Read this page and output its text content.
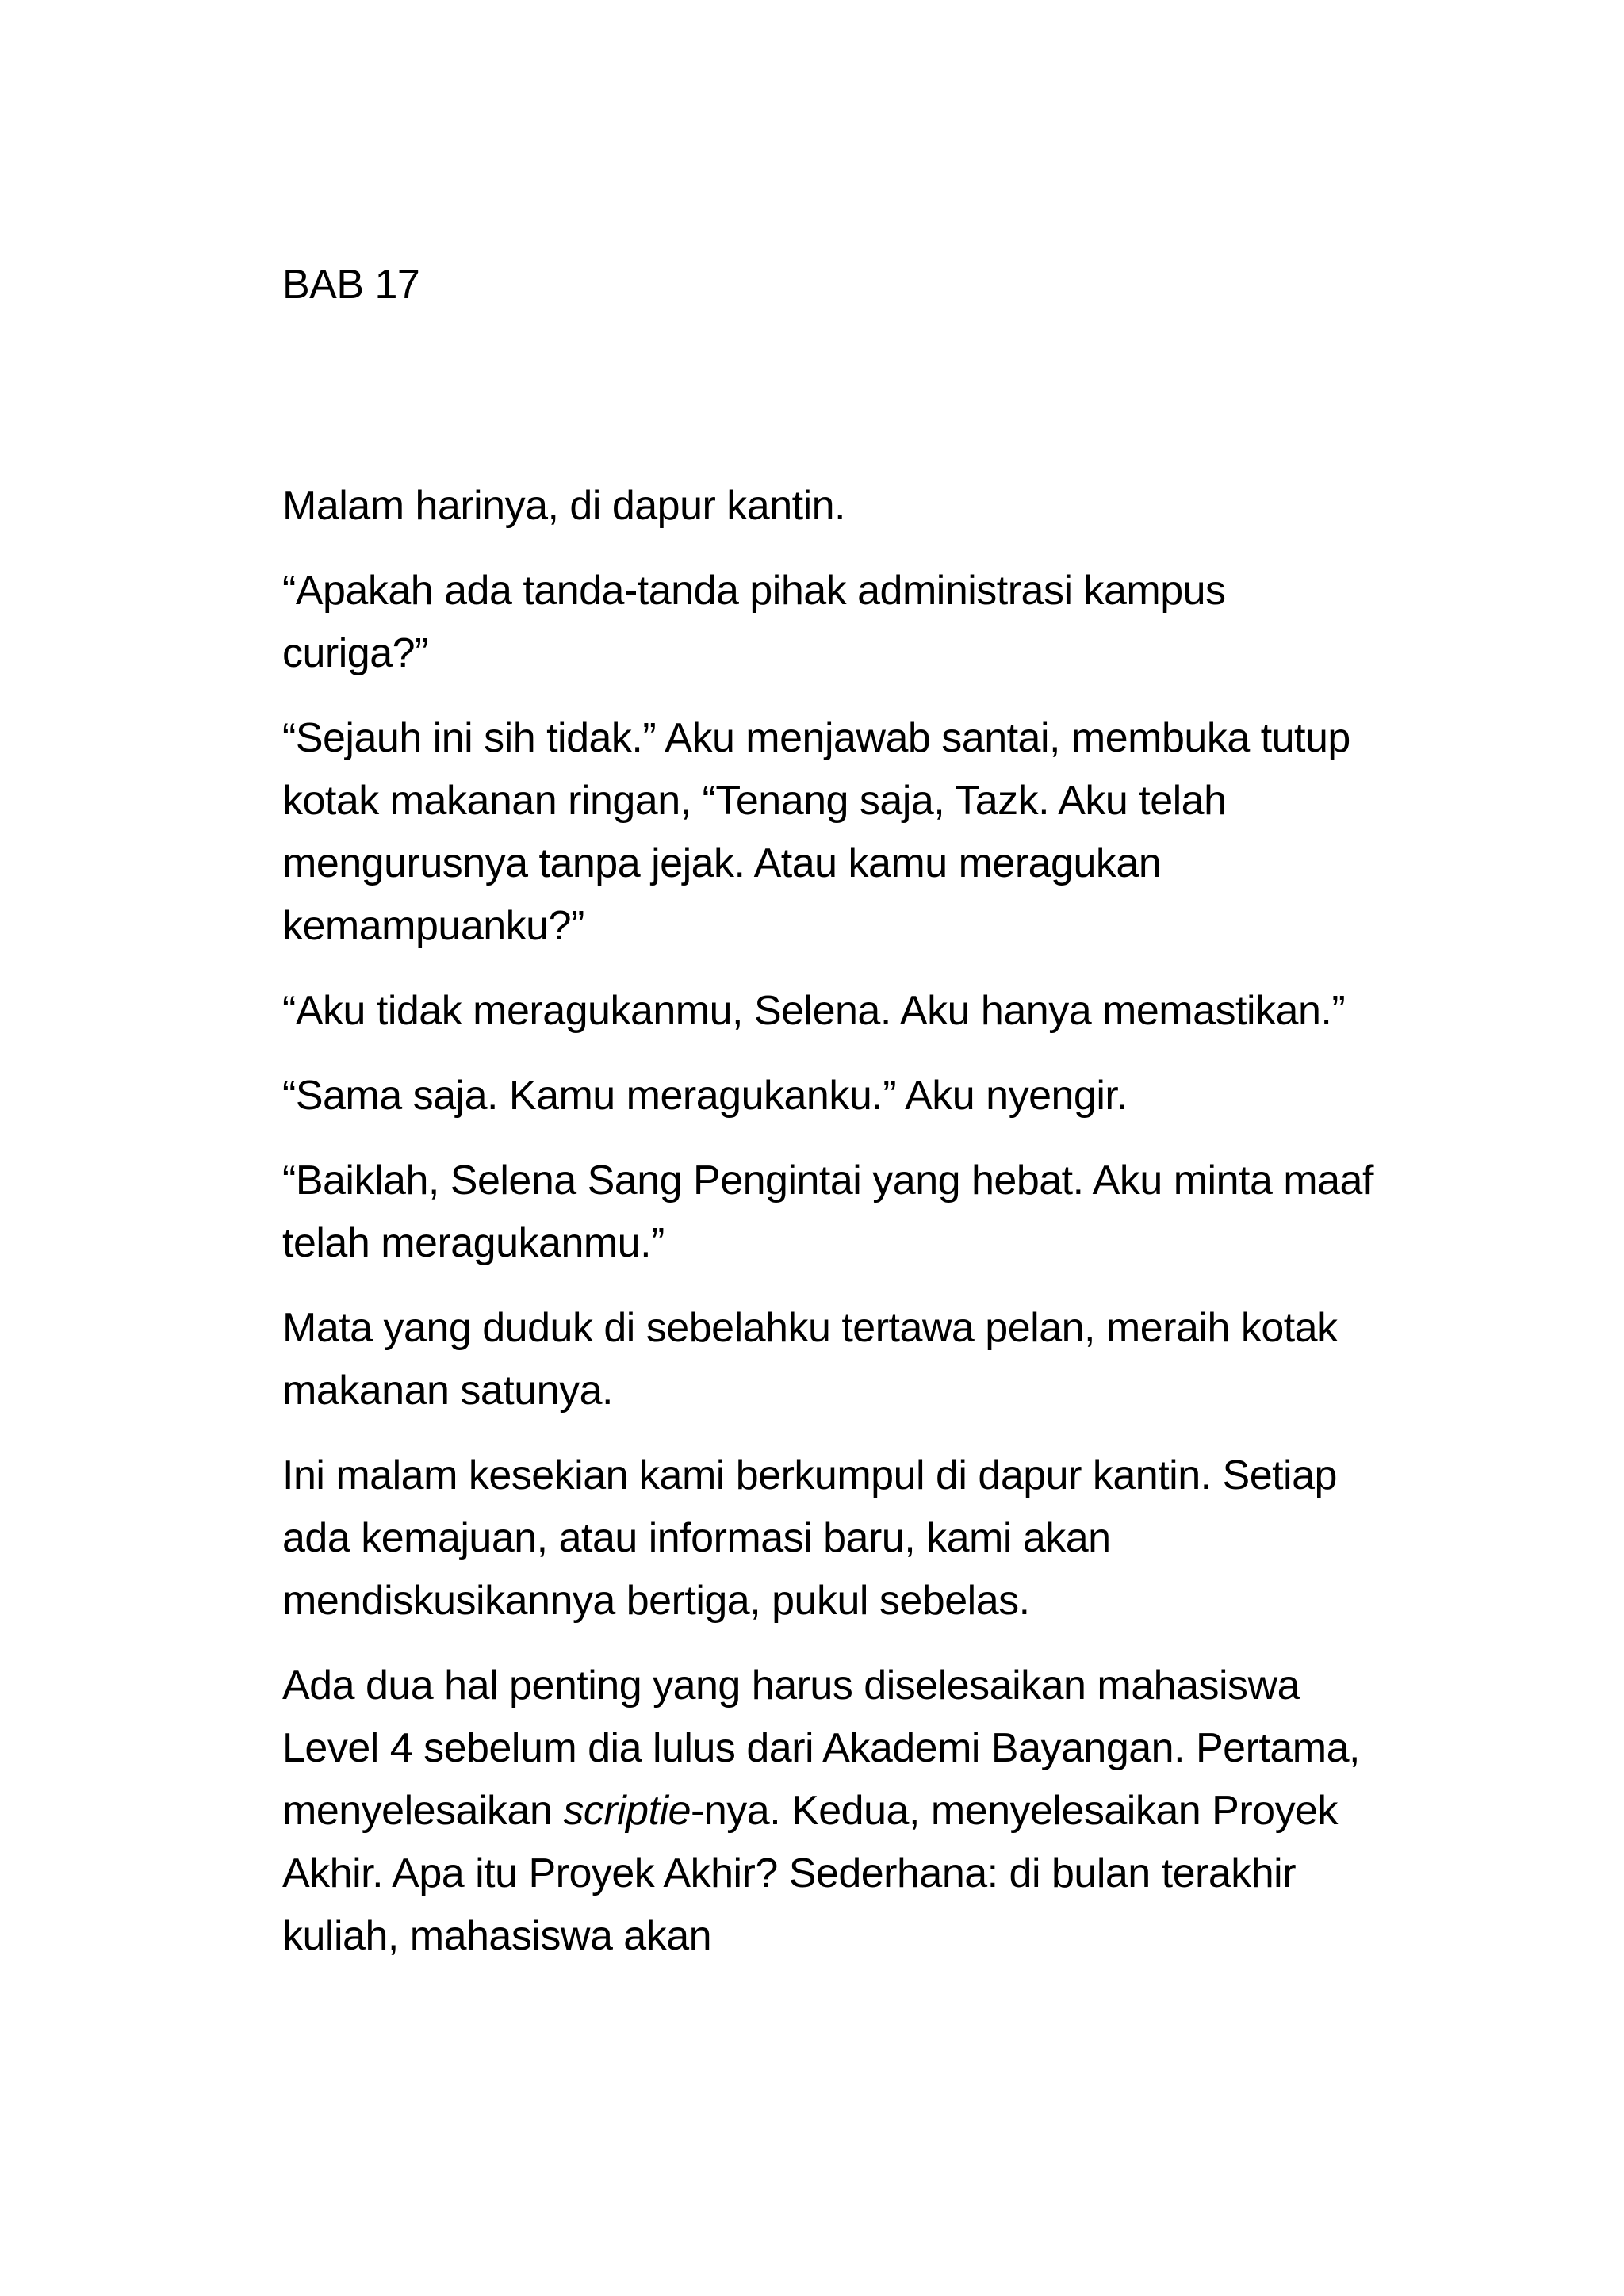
BAB 17

Malam harinya, di dapur kantin.

“Apakah ada tanda-tanda pihak administrasi kampus curiga?”

“Sejauh ini sih tidak.” Aku menjawab santai, membuka tutup kotak makanan ringan, “Tenang saja, Tazk. Aku telah mengurusnya tanpa jejak. Atau kamu meragukan kemampuanku?”

“Aku tidak meragukanmu, Selena. Aku hanya memastikan.”

“Sama saja. Kamu meragukanku.” Aku nyengir.

“Baiklah, Selena Sang Pengintai yang hebat. Aku minta maaf telah meragukanmu.”

Mata yang duduk di sebelahku tertawa pelan, meraih kotak makanan satunya.

Ini malam kesekian kami berkumpul di dapur kantin. Setiap ada kemajuan, atau informasi baru, kami akan mendiskusikannya bertiga, pukul sebelas.

Ada dua hal penting yang harus diselesaikan mahasiswa Level 4 sebelum dia lulus dari Akademi Bayangan. Pertama, menyelesaikan scriptie-nya. Kedua, menyelesaikan Proyek Akhir. Apa itu Proyek Akhir? Sederhana: di bulan terakhir kuliah, mahasiswa akan
